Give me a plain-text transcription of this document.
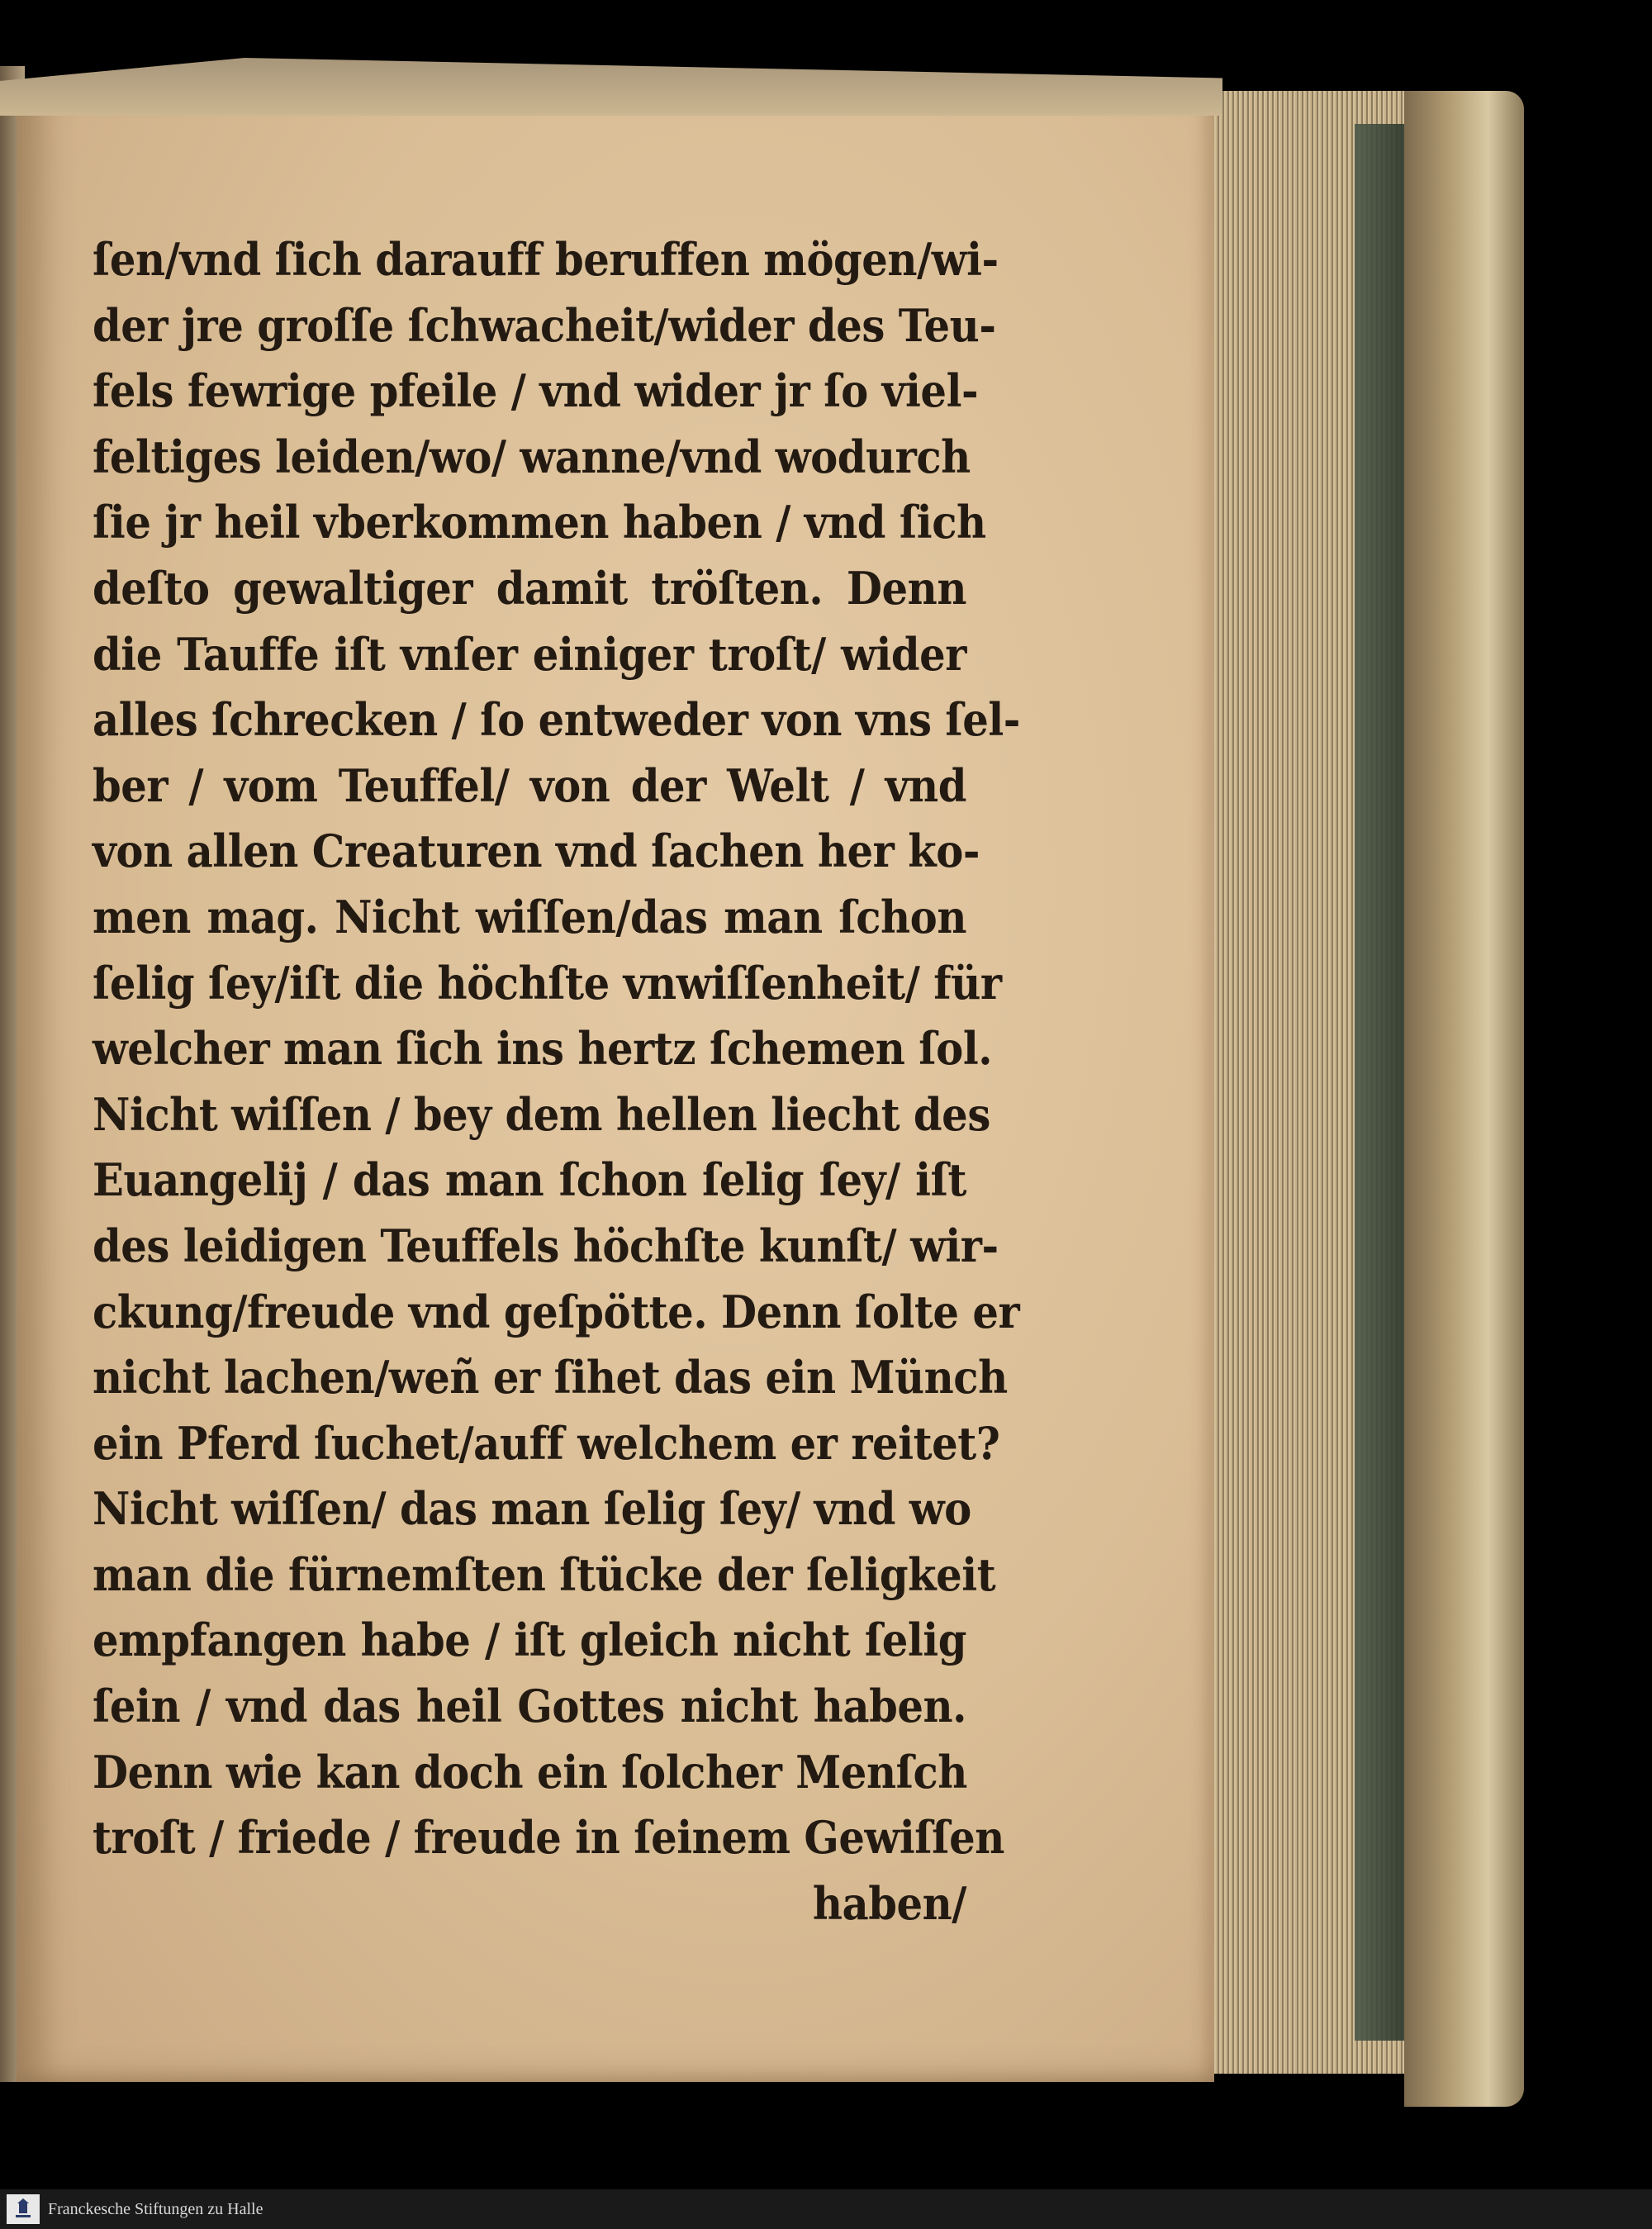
ſen/vnd ſich darauff beruffen mögen/wi-
der jre groſſe ſchwacheit/wider des Teu-
fels fewrige pfeile / vnd wider jr ſo viel-
feltiges leiden/wo/ wanne/vnd wodurch
ſie jr heil vberkommen haben / vnd ſich
deſto gewaltiger damit tröſten. Denn
die Tauffe iſt vnſer einiger troſt/ wider
alles ſchrecken / ſo entweder von vns ſel-
ber / vom Teuffel/ von der Welt / vnd
von allen Creaturen vnd ſachen her ko-
men mag. Nicht wiſſen/das man ſchon
ſelig ſey/iſt die höchſte vnwiſſenheit/ für
welcher man ſich ins hertz ſchemen ſol.
Nicht wiſſen / bey dem hellen liecht des
Euangelij / das man ſchon ſelig ſey/ iſt
des leidigen Teuffels höchſte kunſt/ wir-
ckung/freude vnd geſpötte. Denn ſolte er
nicht lachen/weñ er ſihet das ein Münch
ein Pferd ſuchet/auff welchem er reitet?
Nicht wiſſen/ das man ſelig ſey/ vnd wo
man die fürnemſten ſtücke der ſeligkeit
empfangen habe / iſt gleich nicht ſelig
ſein / vnd das heil Gottes nicht haben.
Denn wie kan doch ein ſolcher Menſch
troſt / friede / freude in ſeinem Gewiſſen
haben/
Franckesche Stiftungen zu Halle
